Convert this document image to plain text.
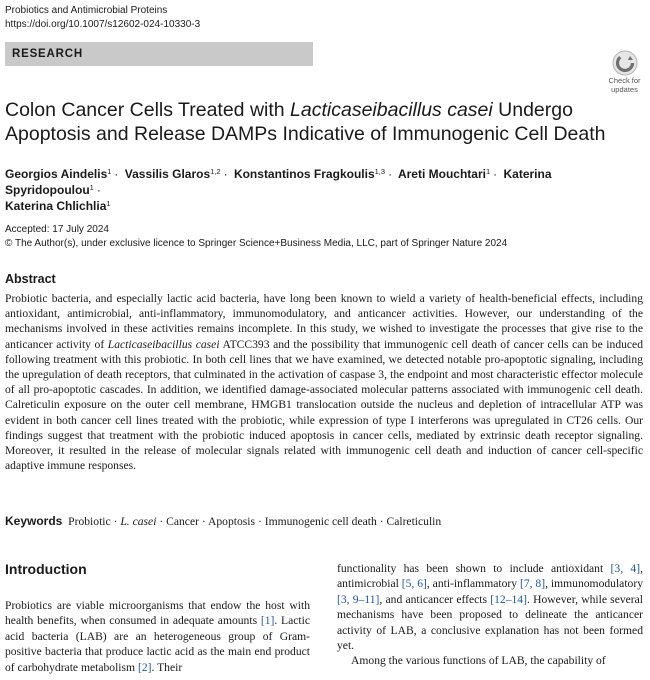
Probiotics and Antimicrobial Proteins
https://doi.org/10.1007/s12602-024-10330-3
RESEARCH
Check for
updates
Colon Cancer Cells Treated with Lacticaseibacillus casei Undergo Apoptosis and Release DAMPs Indicative of Immunogenic Cell Death
Georgios Aindelis$^1$ · Vassilis Glaros$^{1,2}$ · Konstantinos Fragkoulis$^{1,3}$ · Areti Mouchtari$^1$ · Katerina Spyridopoulou$^1$ ·
Katerina Chlichlia$^1$
Accepted: 17 July 2024
© The Author(s), under exclusive licence to Springer Science+Business Media, LLC, part of Springer Nature 2024
Abstract
Probiotic bacteria, and especially lactic acid bacteria, have long been known to wield a variety of health-beneficial effects, including antioxidant, antimicrobial, anti-inflammatory, immunomodulatory, and anticancer activities. However, our understanding of the mechanisms involved in these activities remains incomplete. In this study, we wished to investigate the processes that give rise to the anticancer activity of Lacticaseibacillus casei ATCC393 and the possibility that immunogenic cell death of cancer cells can be induced following treatment with this probiotic. In both cell lines that we have examined, we detected notable pro-apoptotic signaling, including the upregulation of death receptors, that culminated in the activation of caspase 3, the endpoint and most characteristic effector molecule of all pro-apoptotic cascades. In addition, we identified damage-associated molecular patterns associated with immunogenic cell death. Calreticulin exposure on the outer cell membrane, HMGB1 translocation outside the nucleus and depletion of intracellular ATP was evident in both cancer cell lines treated with the probiotic, while expression of type I interferons was upregulated in CT26 cells. Our findings suggest that treatment with the probiotic induced apoptosis in cancer cells, mediated by extrinsic death receptor signaling. Moreover, it resulted in the release of molecular signals related with immunogenic cell death and induction of cancer cell-specific adaptive immune responses.
Keywords Probiotic · L. casei · Cancer · Apoptosis · Immunogenic cell death · Calreticulin
Introduction
Probiotics are viable microorganisms that endow the host with health benefits, when consumed in adequate amounts [1]. Lactic acid bacteria (LAB) are an heterogeneous group of Gram-positive bacteria that produce lactic acid as the main end product of carbohydrate metabolism [2]. Their
functionality has been shown to include antioxidant [3, 4], antimicrobial [5, 6], anti-inflammatory [7, 8], immunomodulatory [3, 9–11], and anticancer effects [12–14]. However, while several mechanisms have been proposed to delineate the anticancer activity of LAB, a conclusive explanation has not been formed yet.
Among the various functions of LAB, the capability of
